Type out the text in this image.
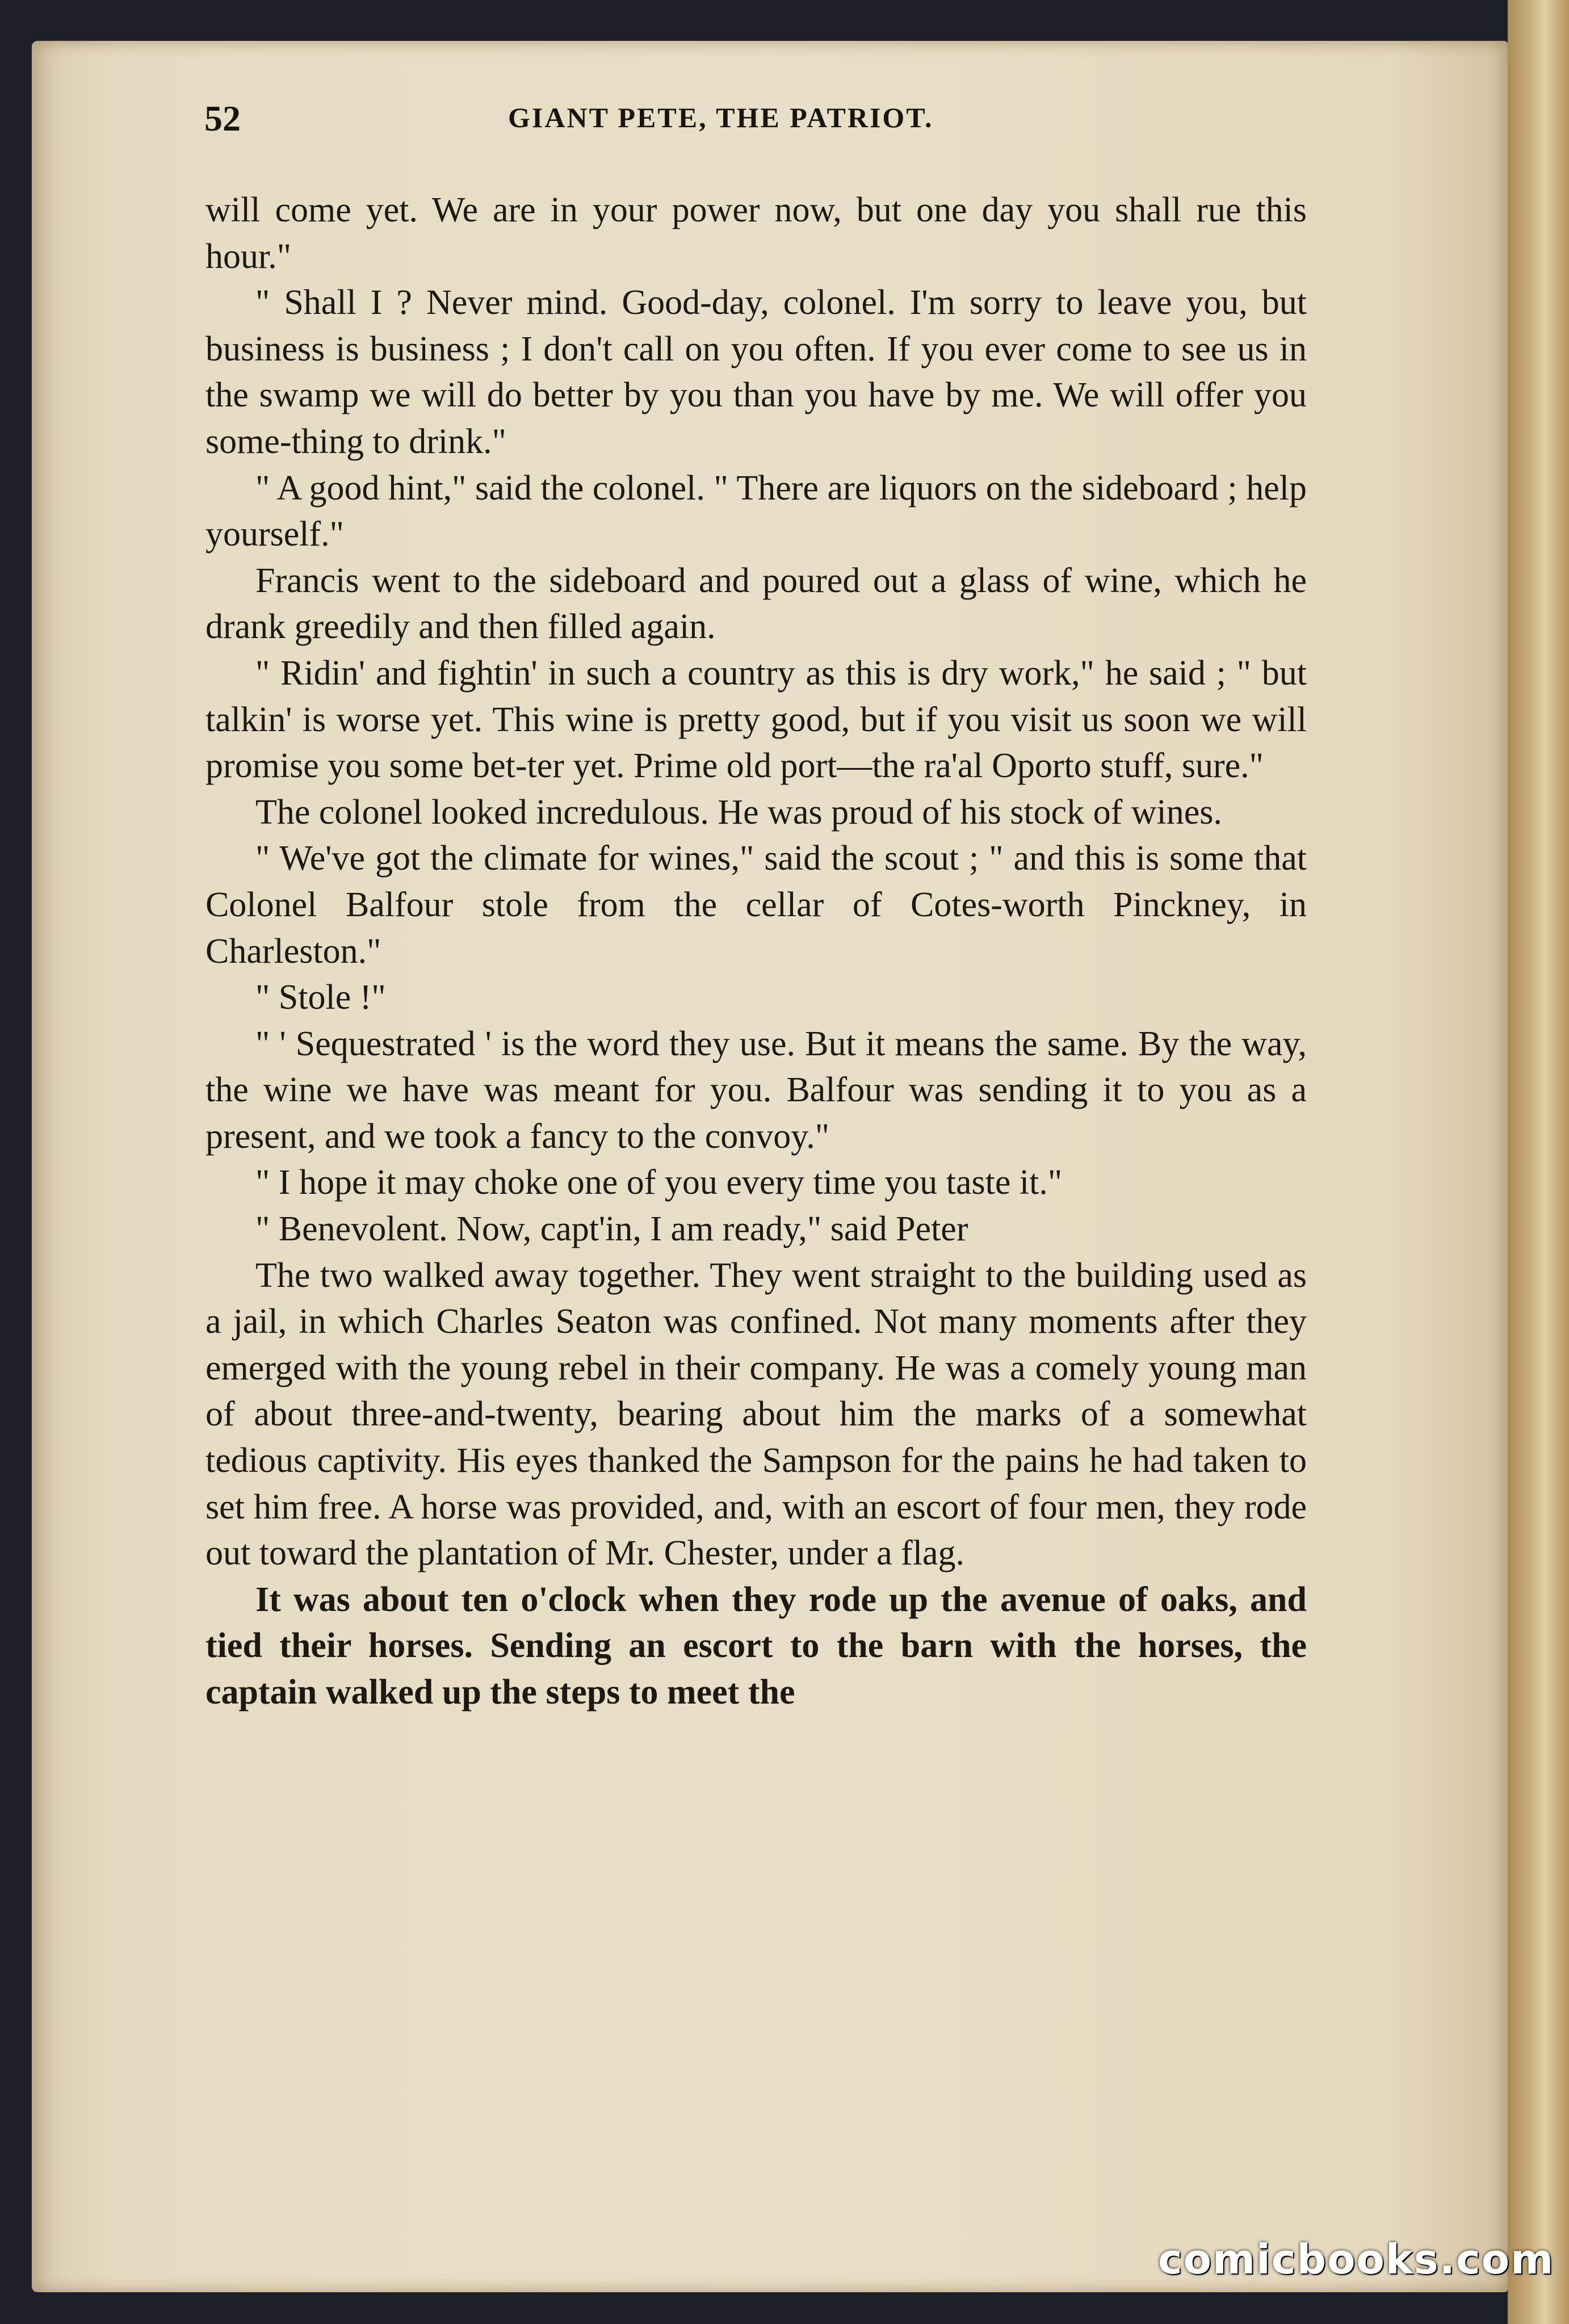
52	GIANT PETE, THE PATRIOT.

will come yet. We are in your power now, but one day you shall rue this hour."

" Shall I ? Never mind. Good-day, colonel. I'm sorry to leave you, but business is business ; I don't call on you often. If you ever come to see us in the swamp we will do better by you than you have by me. We will offer you some-thing to drink."

" A good hint," said the colonel. " There are liquors on the sideboard ; help yourself."

Francis went to the sideboard and poured out a glass of wine, which he drank greedily and then filled again.

" Ridin' and fightin' in such a country as this is dry work," he said ; " but talkin' is worse yet. This wine is pretty good, but if you visit us soon we will promise you some bet-ter yet. Prime old port—the ra'al Oporto stuff, sure."

The colonel looked incredulous. He was proud of his stock of wines.

" We've got the climate for wines," said the scout ; " and this is some that Colonel Balfour stole from the cellar of Cotes-worth Pinckney, in Charleston."

" Stole !"

" ' Sequestrated ' is the word they use. But it means the same. By the way, the wine we have was meant for you. Balfour was sending it to you as a present, and we took a fancy to the convoy."

" I hope it may choke one of you every time you taste it."

" Benevolent. Now, capt'in, I am ready," said Peter

The two walked away together. They went straight to the building used as a jail, in which Charles Seaton was confined. Not many moments after they emerged with the young rebel in their company. He was a comely young man of about three-and-twenty, bearing about him the marks of a somewhat tedious captivity. His eyes thanked the Sampson for the pains he had taken to set him free. A horse was provided, and, with an escort of four men, they rode out toward the plantation of Mr. Chester, under a flag.

It was about ten o'clock when they rode up the avenue of oaks, and tied their horses. Sending an escort to the barn with the horses, the captain walked up the steps to meet the

comicbooks.com
